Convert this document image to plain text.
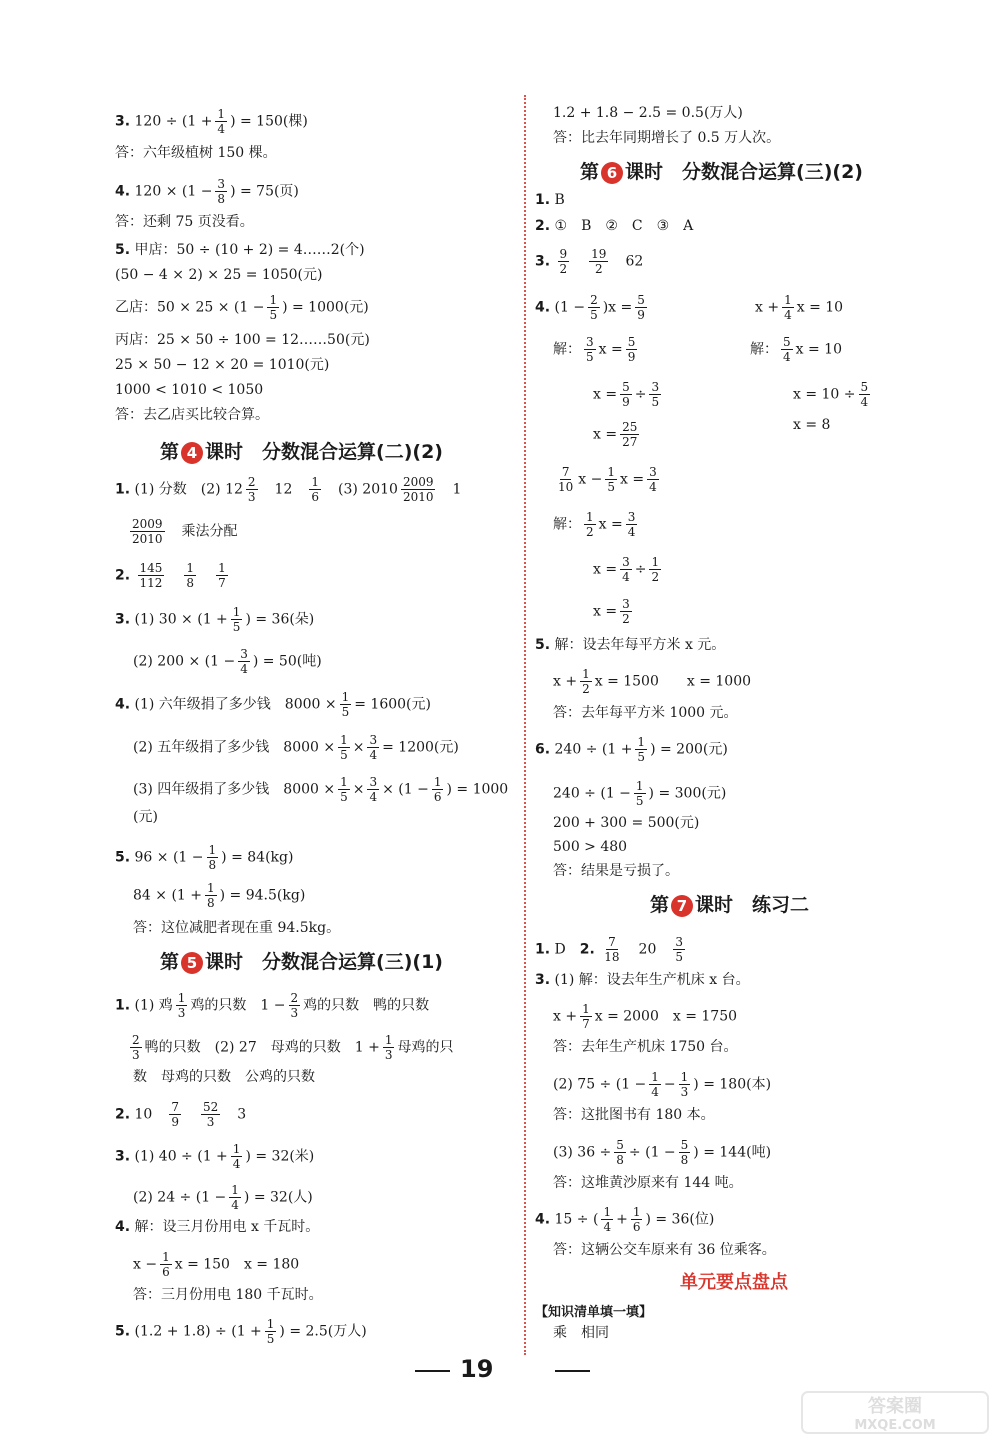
3. $120 \div (1 + \frac{1}{4}$ ) = 150(棵)
答：六年级植树 150 棵。
4. $120 \times (1 - \frac{3}{8}$ ) = 75(页)
答：还剩 75 页没看。
5. 甲店：50 ÷ (10 + 2) = 4……2(个)
(50 − 4 × 2) × 25 = 1050(元)
乙店：$50 \times 25 \times (1 - \frac{1}{5}$ ) = 1000(元)
丙店：25 × 50 ÷ 100 = 12……50(元)
25 × 50 − 12 × 20 = 1010(元)
1000 < 1010 < 1050
答：去乙店买比较合算。
第 4 课时　分数混合运算(二)(2)
1. (1) 分数　(2) $12 \frac{2}{3}$
　 12　 $\frac{1}{6}$
　 (3) $2010 \frac{2009}{2010}$
　 1
$\frac{2009}{2010}$
　 乘法分配
2. $\frac{145}{112}$
　 $\frac{1}{8}$
　 $\frac{1}{7}$
3. (1) $30 \times (1 + \frac{1}{5}$ ) = 36(朵)
(2) $200 \times (1 - \frac{3}{4}$ ) = 50(吨)
4. (1) 六年级捐了多少钱　$8000 \times \frac{1}{5} = 1600$(元)
(2) 五年级捐了多少钱　$8000 \times \frac{1}{5} \times \frac{3}{4} = 1200$(元)
(3) 四年级捐了多少钱　$8000 \times \frac{1}{5} \times \frac{3}{4} \times (1 - \frac{1}{6}$ ) = 1000
(元)
5. $96 \times (1 - \frac{1}{8}$ ) = 84(kg)
$84 \times (1 + \frac{1}{8}$ ) = 94.5(kg)
答：这位减肥者现在重 94.5kg。
第 5 课时　分数混合运算(三)(1)
1. (1) 鸡 $\frac{1}{3}$ 鸡的只数　$1 - \frac{2}{3}$ 鸡的只数　鸭的只数
$\frac{2}{3}$ 鸭的只数　(2) 27　母鸡的只数　$1 + \frac{1}{3}$ 母鸡的只
数　母鸡的只数　公鸡的只数
2. 10　 $\frac{7}{9}$
　 $\frac{52}{3}$
　 3
3. (1) $40 \div (1 + \frac{1}{4}$ ) = 32(米)
(2) $24 \div (1 - \frac{1}{4}$ ) = 32(人)
4. 解：设三月份用电 x 千瓦时。
$x - \frac{1}{6}$ x = 150　x = 180
答：三月份用电 180 千瓦时。
5. $(1.2 + 1.8) \div (1 + \frac{1}{5}$ ) = 2.5(万人)
1.2 + 1.8 − 2.5 = 0.5(万人)
答：比去年同期增长了 0.5 万人次。
第 6 课时　分数混合运算(三)(2)
1. B
2. ①　B　②　C　③　A
3. $\frac{9}{2}$
　 $\frac{19}{2}$
　 62
4. $(1 - \frac{2}{5} )x = \frac{5}{9}$	$x + \frac{1}{4}$ x = 10
解： $\frac{3}{5}$ $x = \frac{5}{9}$	解： $\frac{5}{4}$ x = 10
$x = \frac{5}{9} \div \frac{3}{5}$	$x = 10 \div \frac{5}{4}$
$x = \frac{25}{27}$	x = 8
$\frac{7}{10}$ $x - \frac{1}{5}$ $x = \frac{3}{4}$
解： $\frac{1}{2}$ $x = \frac{3}{4}$
$x = \frac{3}{4} \div \frac{1}{2}$
$x = \frac{3}{2}$
5. 解：设去年每平方米 x 元。
$x + \frac{1}{2}$ x = 1500　　x = 1000
答：去年每平方米 1000 元。
6. $240 \div (1 + \frac{1}{5}$ ) = 200(元)
$240 \div (1 - \frac{1}{5}$ ) = 300(元)
200 + 300 = 500(元)
500 > 480
答：结果是亏损了。
第 7 课时　练习二
1. D　 2. $\frac{7}{18}$
　 20　 $\frac{3}{5}$
3. (1) 解：设去年生产机床 x 台。
$x + \frac{1}{7}$ x = 2000　x = 1750
答：去年生产机床 1750 台。
(2) $75 \div (1 - \frac{1}{4} - \frac{1}{3}$ ) = 180(本)
答：这批图书有 180 本。
(3) $36 \div \frac{5}{8} \div (1 - \frac{5}{8}$ ) = 144(吨)
答：这堆黄沙原来有 144 吨。
4. 15 ÷ ( $\frac{1}{4} + \frac{1}{6}$ ) = 36(位)
答：这辆公交车原来有 36 位乘客。
单元要点盘点
【知识清单填一填】
乘　相同
19
答案圈
MXQE.COM
